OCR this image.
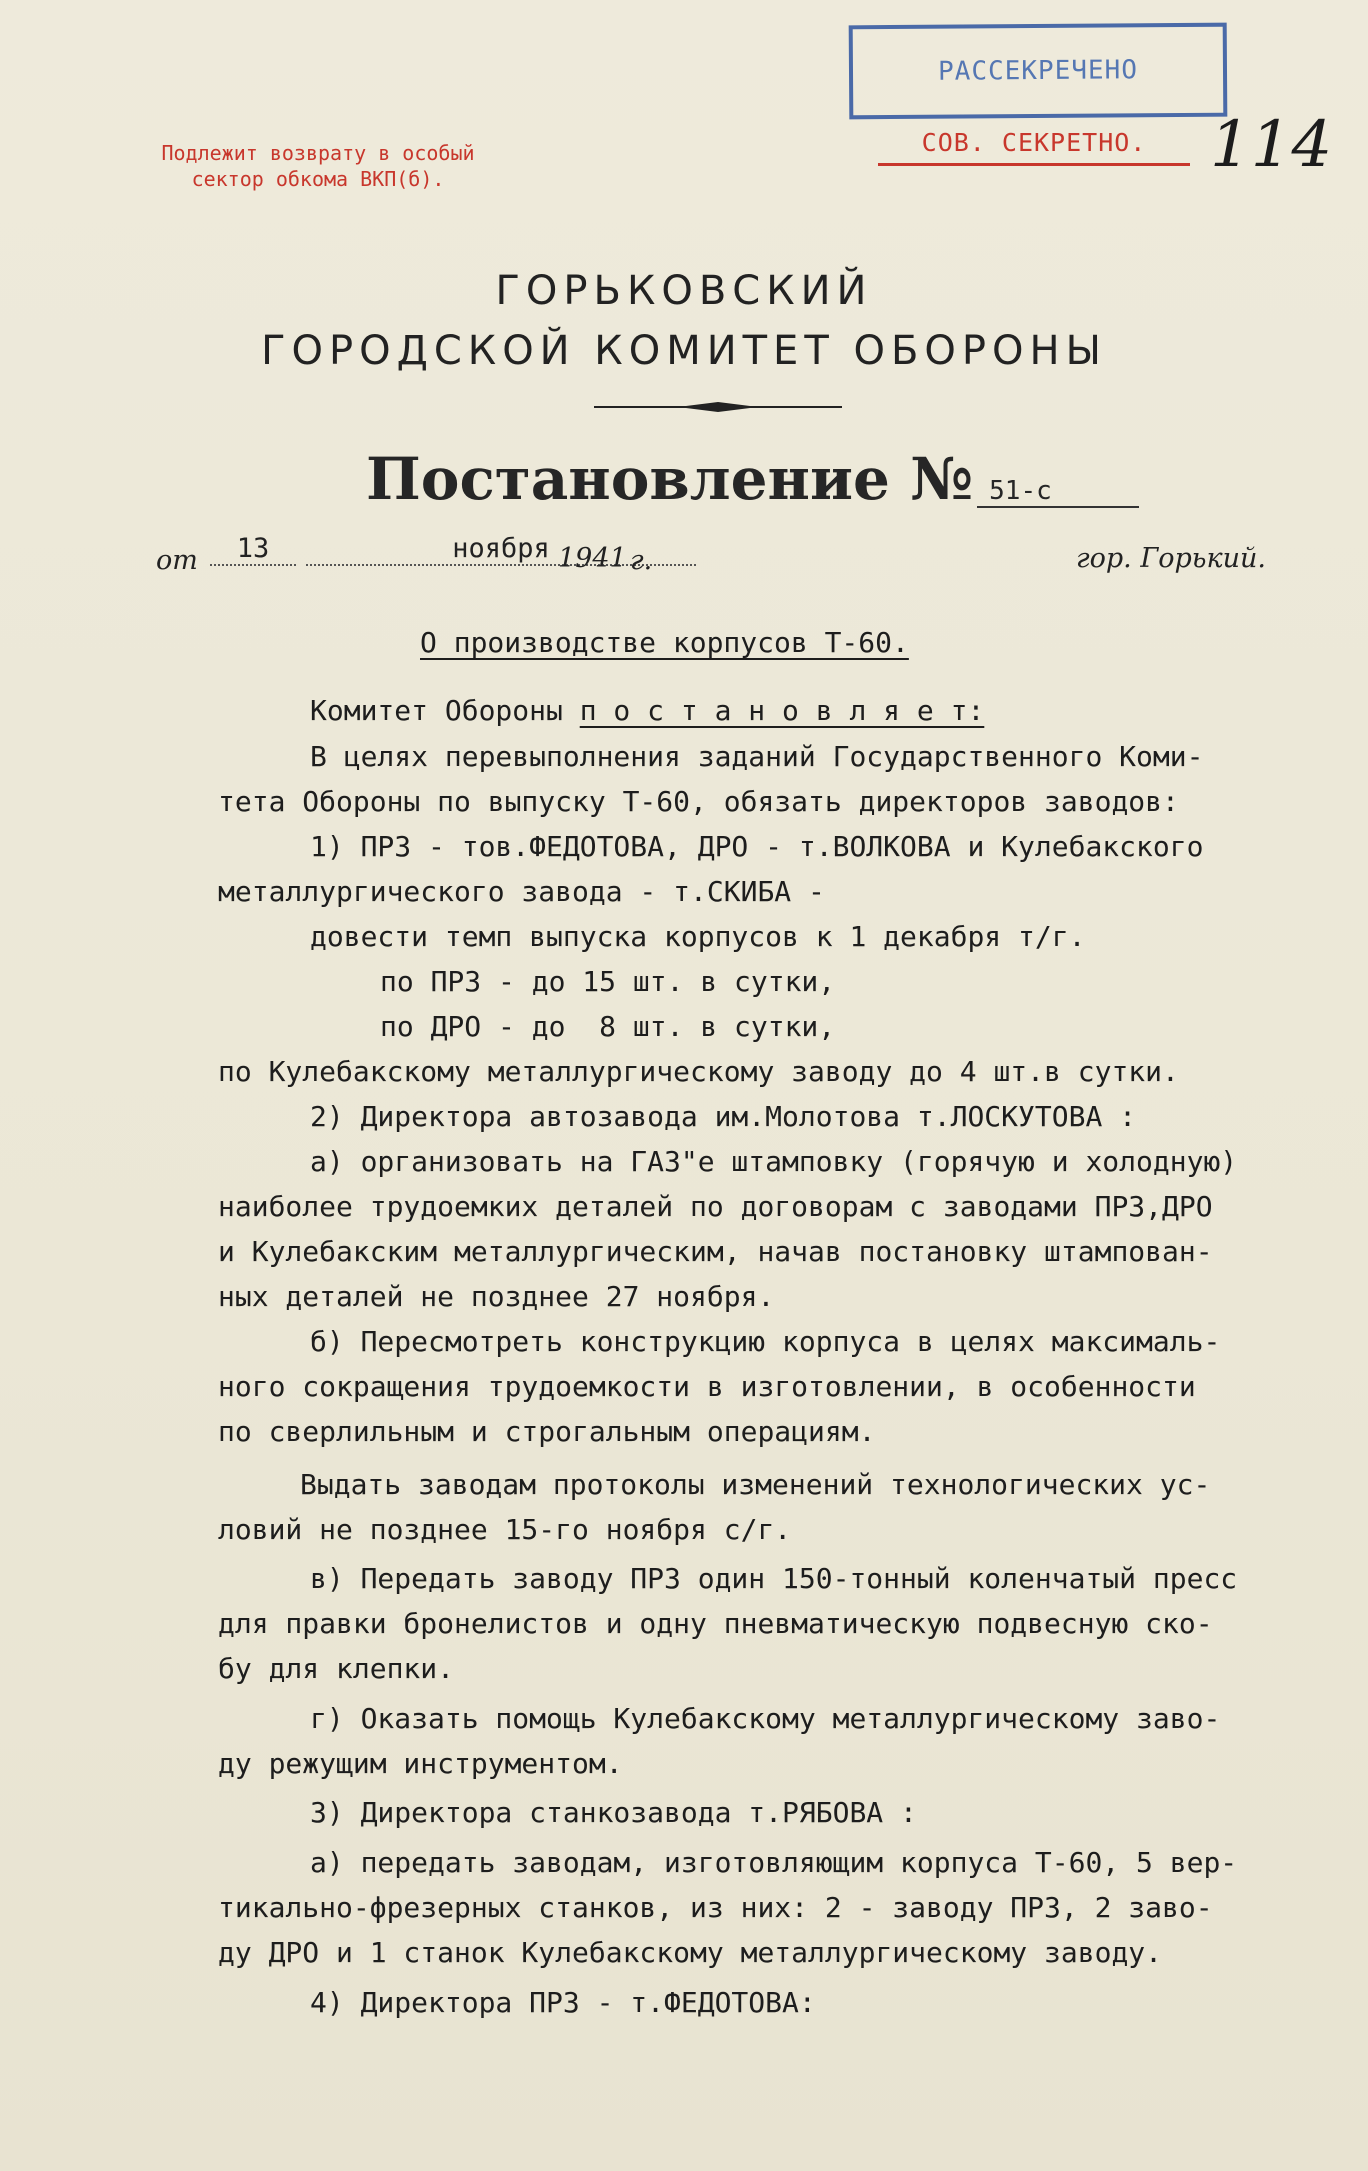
РАССЕКРЕЧЕНО
СОВ. СЕКРЕТНО. 114
Подлежит возврату в особый
сектор обкома ВКП(б).
ГОРЬКОВСКИЙ
ГОРОДСКОЙ КОМИТЕТ ОБОРОНЫ
Постановление № 51-с
от	13	ноября 1941 г.	гор. Горький.
О производстве корпусов Т-60.
Комитет Обороны п о с т а н о в л я е т:
В целях перевыполнения заданий Государственного Коми-
тета Обороны по выпуску Т-60, обязать директоров заводов:
1) ПРЗ - тов.ФЕДОТОВА, ДРО - т.ВОЛКОВА и Кулебакского
металлургического завода - т.СКИБА -
довести темп выпуска корпусов к 1 декабря т/г.
по ПРЗ - до 15 шт. в сутки,
по ДРО - до  8 шт. в сутки,
по Кулебакскому металлургическому заводу до 4 шт.в сутки.
2) Директора автозавода им.Молотова т.ЛОСКУТОВА :
а) организовать на ГАЗ"е штамповку (горячую и холодную)
наиболее трудоемких деталей по договорам с заводами ПРЗ,ДРО
и Кулебакским металлургическим, начав постановку штампован-
ных деталей не позднее 27 ноября.
б) Пересмотреть конструкцию корпуса в целях максималь-
ного сокращения трудоемкости в изготовлении, в особенности
по сверлильным и строгальным операциям.
Выдать заводам протоколы изменений технологических ус-
ловий не позднее 15-го ноября с/г.
в) Передать заводу ПРЗ один 150-тонный коленчатый пресс
для правки бронелистов и одну пневматическую подвесную ско-
бу для клепки.
г) Оказать помощь Кулебакскому металлургическому заво-
ду режущим инструментом.
3) Директора станкозавода т.РЯБОВА :
а) передать заводам, изготовляющим корпуса Т-60, 5 вер-
тикально-фрезерных станков, из них: 2 - заводу ПРЗ, 2 заво-
ду ДРО и 1 станок Кулебакскому металлургическому заводу.
4) Директора ПРЗ - т.ФЕДОТОВА:
